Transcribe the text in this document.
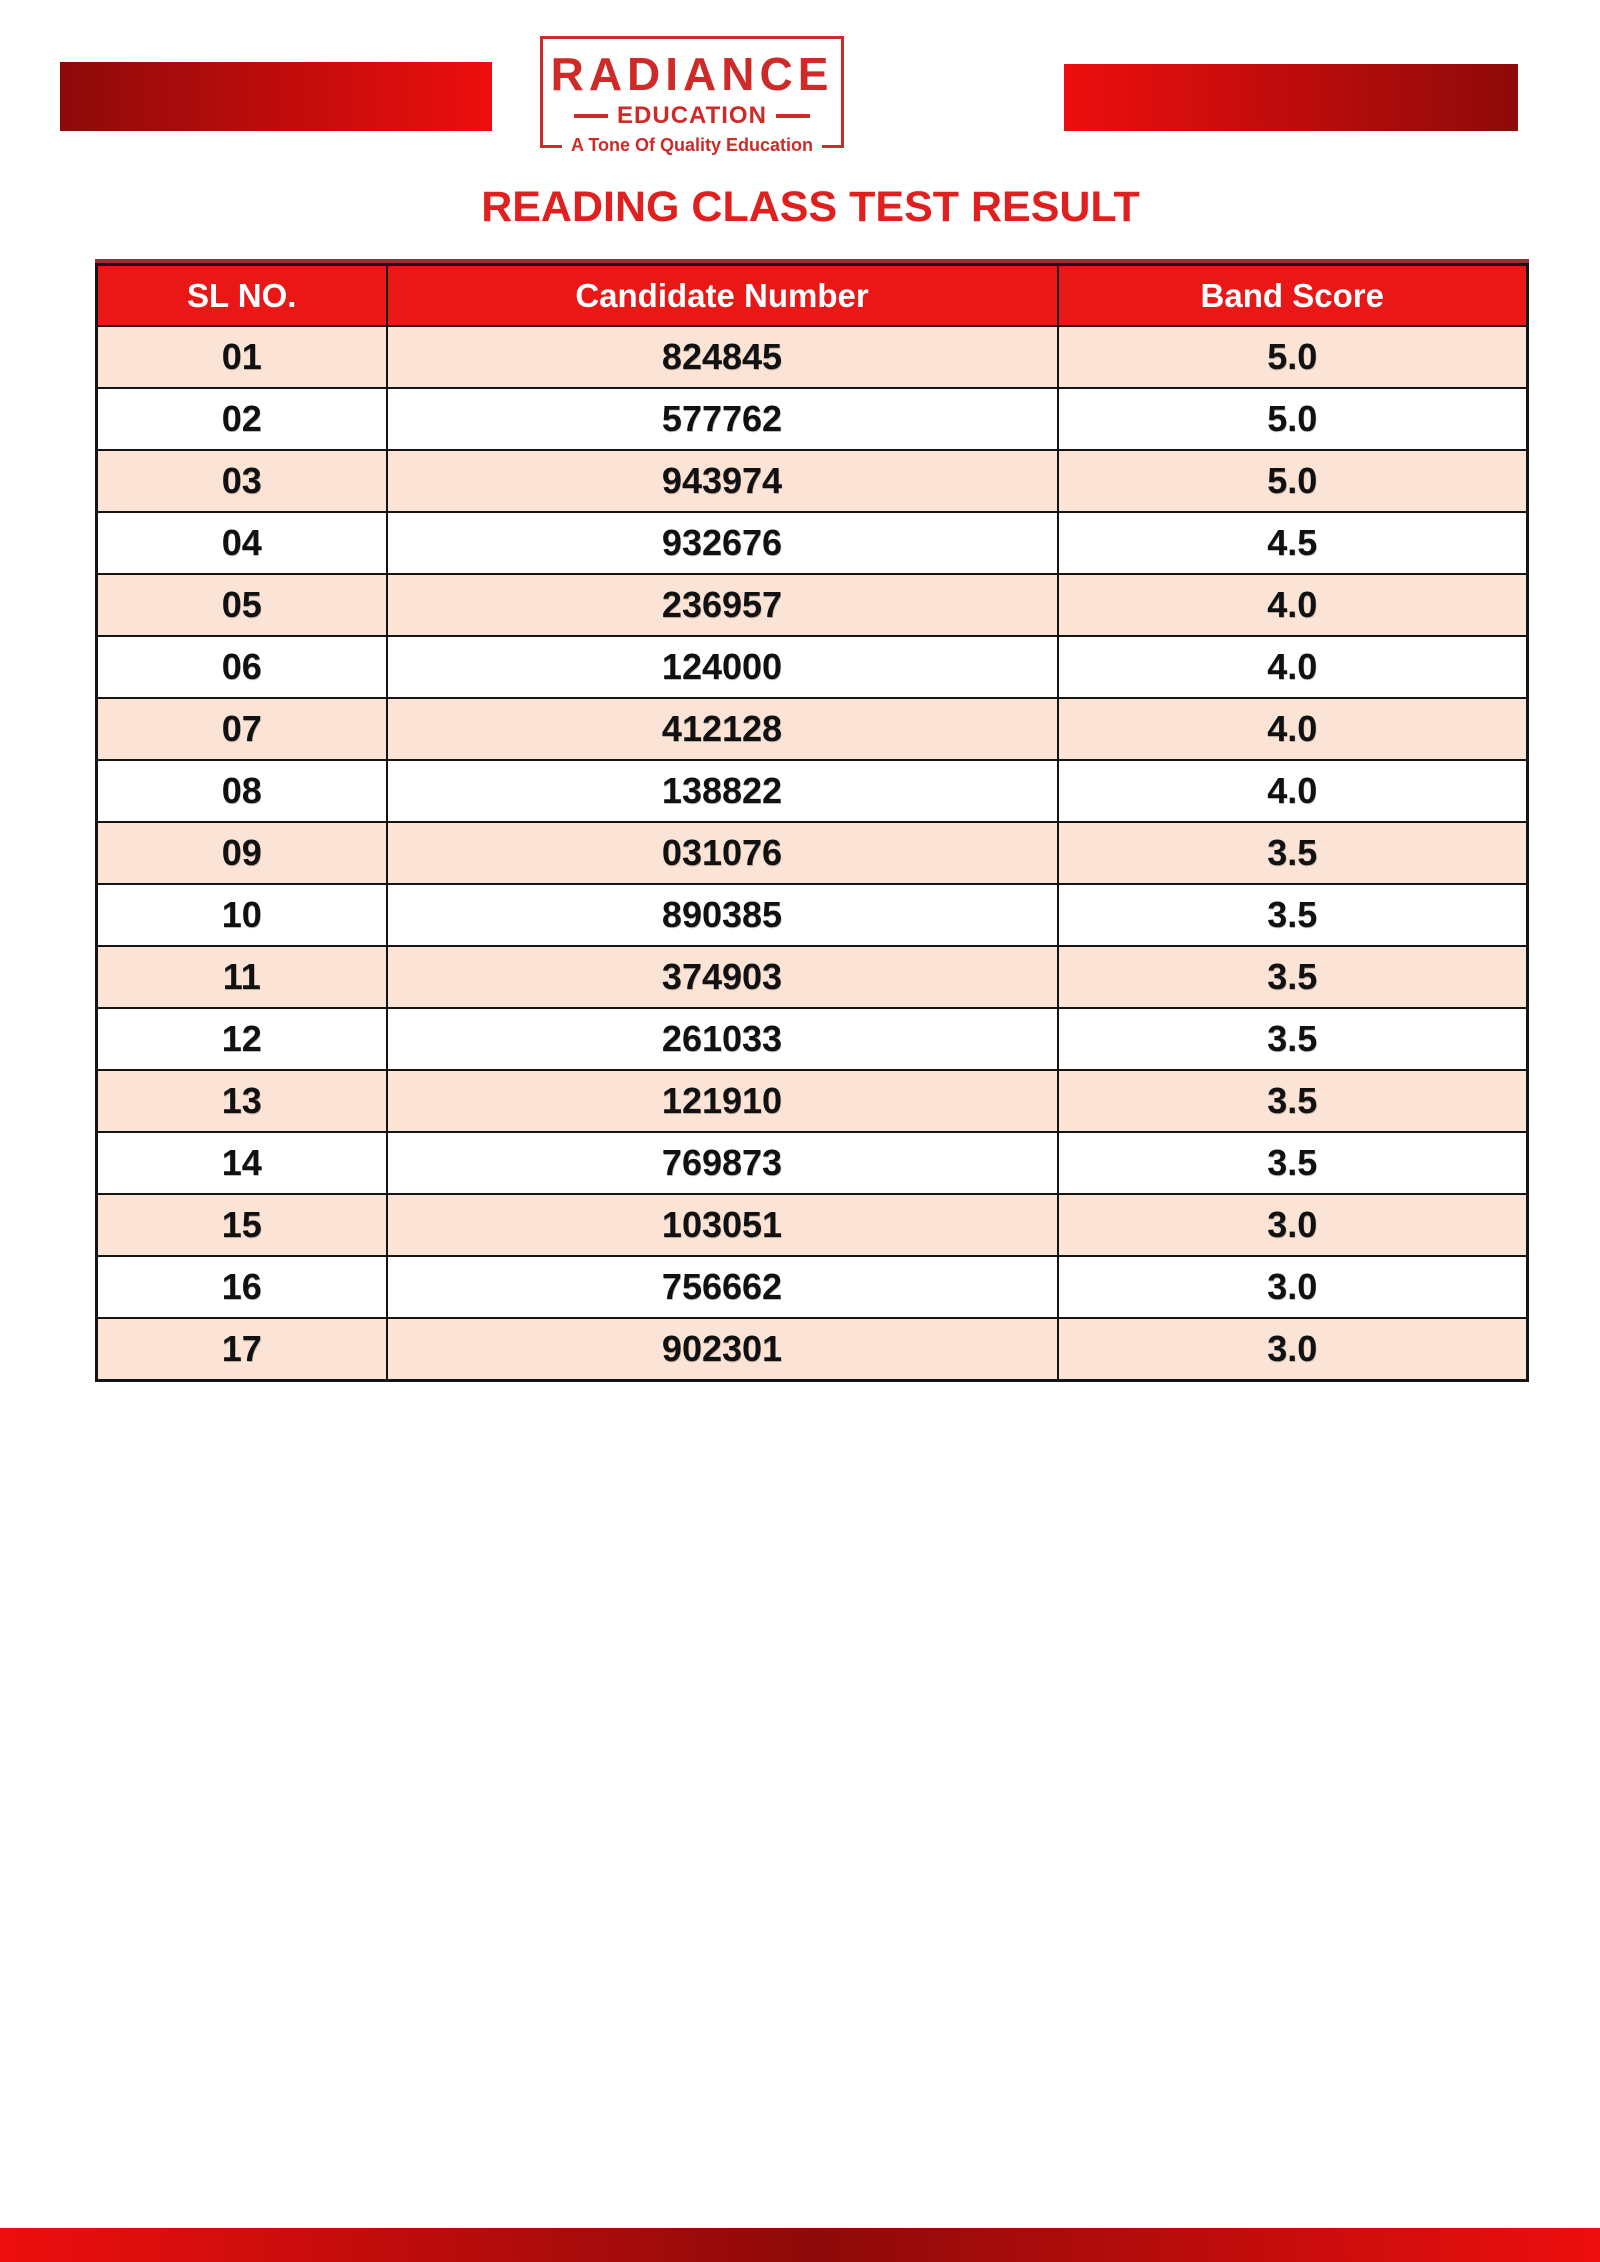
RADIANCE
EDUCATION
A Tone Of Quality Education
READING CLASS TEST RESULT
SL NO.	Candidate Number	Band Score
01	824845	5.0
02	577762	5.0
03	943974	5.0
04	932676	4.5
05	236957	4.0
06	124000	4.0
07	412128	4.0
08	138822	4.0
09	031076	3.5
10	890385	3.5
11	374903	3.5
12	261033	3.5
13	121910	3.5
14	769873	3.5
15	103051	3.0
16	756662	3.0
17	902301	3.0
